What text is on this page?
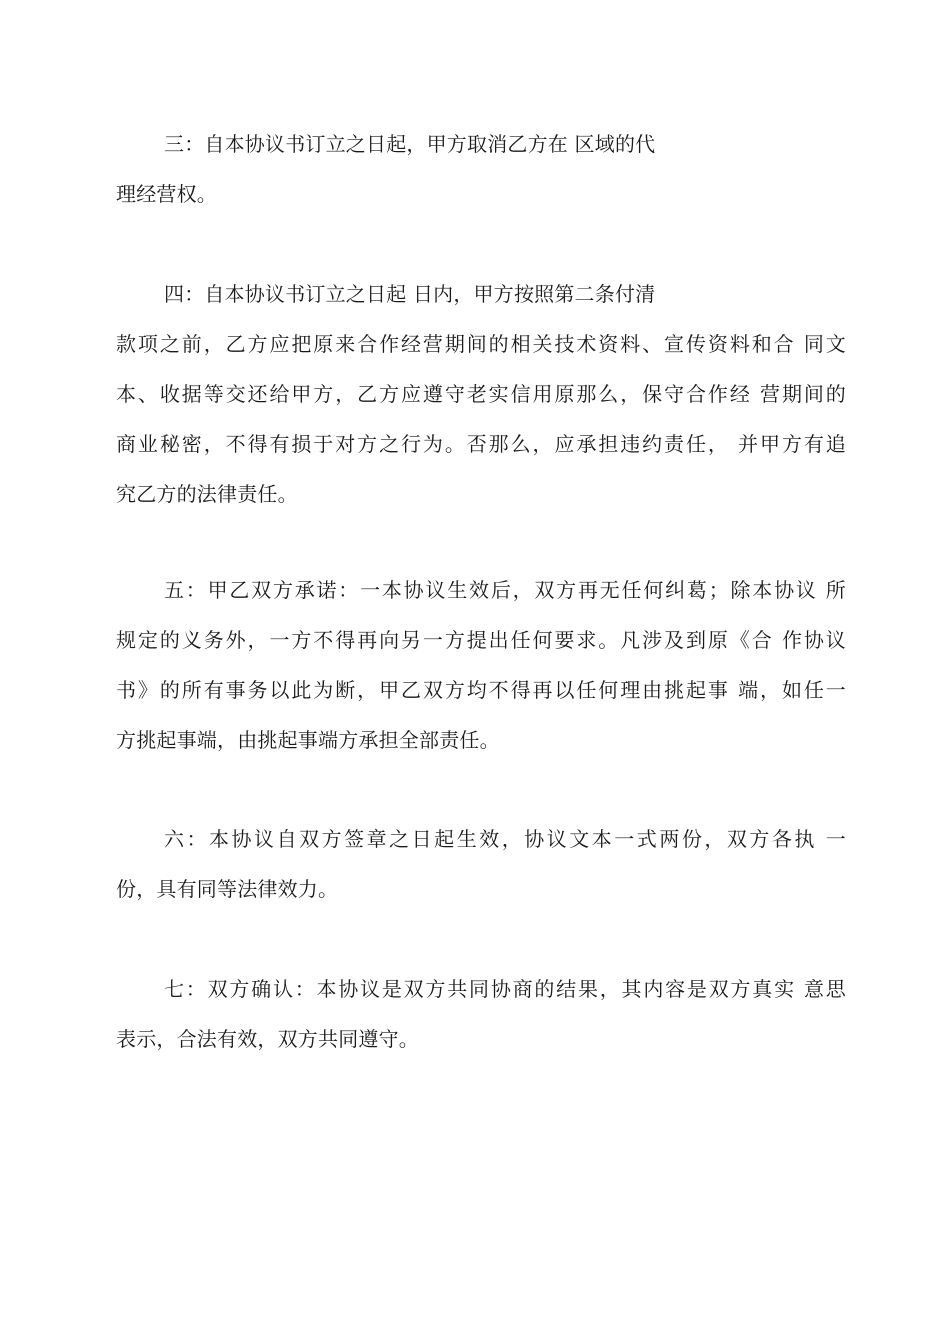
三：自本协议书订立之日起，甲方取消乙方在 区域的代
理经营权。
四：自本协议书订立之日起 日内，甲方按照第二条付清
款项之前，乙方应把原来合作经营期间的相关技术资料、宣传资料和合 同文
本、收据等交还给甲方，乙方应遵守老实信用原那么，保守合作经 营期间的
商业秘密，不得有损于对方之行为。否那么，应承担违约责任， 并甲方有追
究乙方的法律责任。
五：甲乙双方承诺：一本协议生效后，双方再无任何纠葛；除本协议 所
规定的义务外，一方不得再向另一方提出任何要求。凡涉及到原《合 作协议
书》的所有事务以此为断，甲乙双方均不得再以任何理由挑起事 端，如任一
方挑起事端，由挑起事端方承担全部责任。
六：本协议自双方签章之日起生效，协议文本一式两份，双方各执 一
份，具有同等法律效力。
七：双方确认：本协议是双方共同协商的结果，其内容是双方真实 意思
表示，合法有效，双方共同遵守。
